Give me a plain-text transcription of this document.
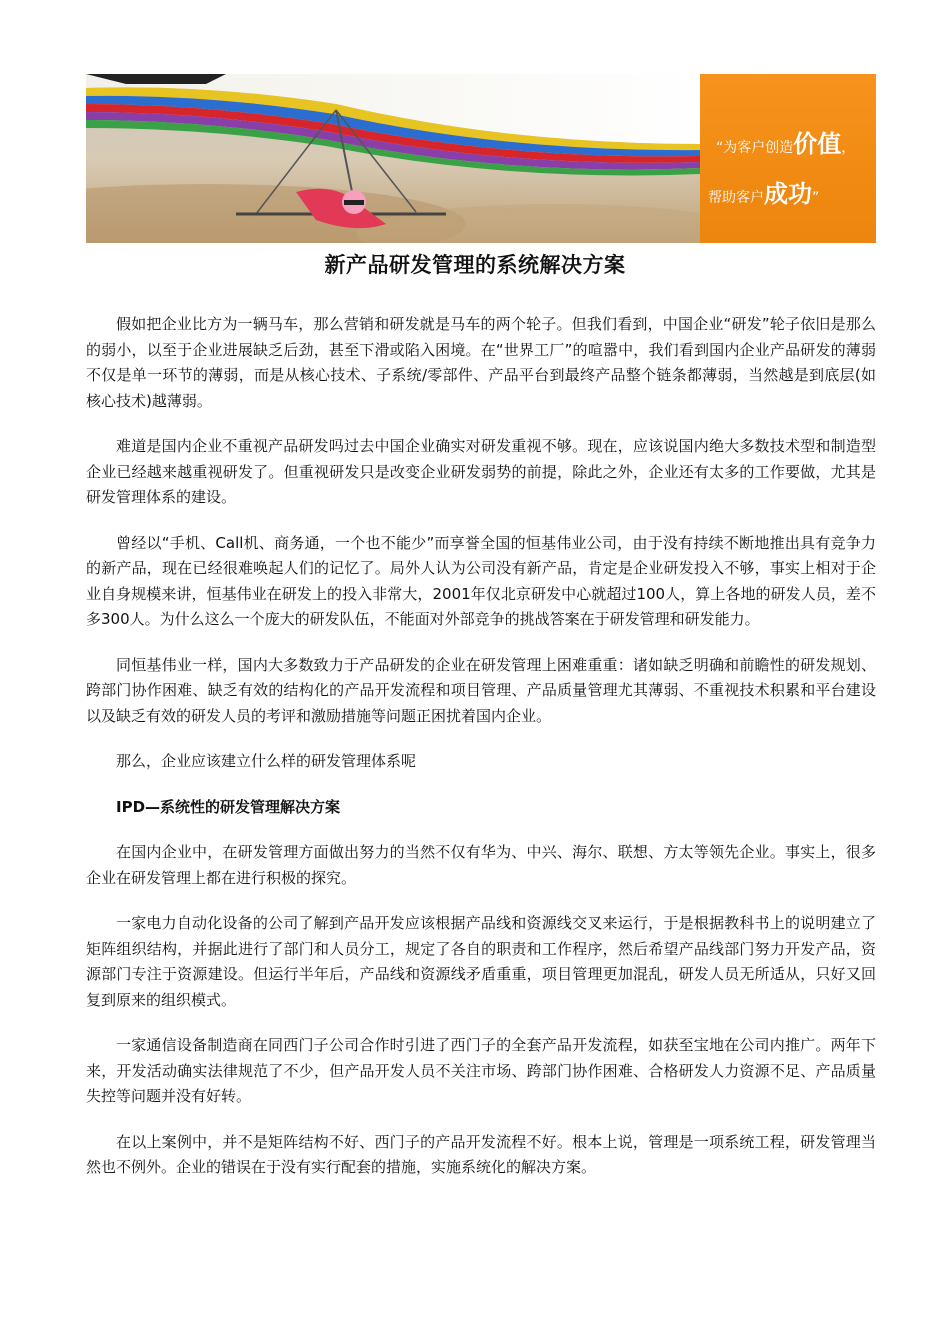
“为客户创造价值，
帮助客户成功”
新产品研发管理的系统解决方案

假如把企业比方为一辆马车，那么营销和研发就是马车的两个轮子。但我们看到，中国企业“研发”轮子依旧是那么的弱小，以至于企业进展缺乏后劲，甚至下滑或陷入困境。在“世界工厂”的喧嚣中，我们看到国内企业产品研发的薄弱不仅是单一环节的薄弱，而是从核心技术、子系统/零部件、产品平台到最终产品整个链条都薄弱，当然越是到底层(如核心技术)越薄弱。

难道是国内企业不重视产品研发吗过去中国企业确实对研发重视不够。现在，应该说国内绝大多数技术型和制造型企业已经越来越重视研发了。但重视研发只是改变企业研发弱势的前提，除此之外，企业还有太多的工作要做，尤其是研发管理体系的建设。

曾经以“手机、Call机、商务通，一个也不能少”而享誉全国的恒基伟业公司，由于没有持续不断地推出具有竞争力的新产品，现在已经很难唤起人们的记忆了。局外人认为公司没有新产品，肯定是企业研发投入不够，事实上相对于企业自身规模来讲，恒基伟业在研发上的投入非常大，2001年仅北京研发中心就超过100人，算上各地的研发人员，差不多300人。为什么这么一个庞大的研发队伍，不能面对外部竞争的挑战答案在于研发管理和研发能力。

同恒基伟业一样，国内大多数致力于产品研发的企业在研发管理上困难重重：诸如缺乏明确和前瞻性的研发规划、跨部门协作困难、缺乏有效的结构化的产品开发流程和项目管理、产品质量管理尤其薄弱、不重视技术积累和平台建设以及缺乏有效的研发人员的考评和激励措施等问题正困扰着国内企业。

那么，企业应该建立什么样的研发管理体系呢

IPD—系统性的研发管理解决方案

在国内企业中，在研发管理方面做出努力的当然不仅有华为、中兴、海尔、联想、方太等领先企业。事实上，很多企业在研发管理上都在进行积极的探究。

一家电力自动化设备的公司了解到产品开发应该根据产品线和资源线交叉来运行，于是根据教科书上的说明建立了矩阵组织结构，并据此进行了部门和人员分工，规定了各自的职责和工作程序，然后希望产品线部门努力开发产品，资源部门专注于资源建设。但运行半年后，产品线和资源线矛盾重重，项目管理更加混乱，研发人员无所适从，只好又回复到原来的组织模式。

一家通信设备制造商在同西门子公司合作时引进了西门子的全套产品开发流程，如获至宝地在公司内推广。两年下来，开发活动确实法律规范了不少，但产品开发人员不关注市场、跨部门协作困难、合格研发人力资源不足、产品质量失控等问题并没有好转。

在以上案例中，并不是矩阵结构不好、西门子的产品开发流程不好。根本上说，管理是一项系统工程，研发管理当然也不例外。企业的错误在于没有实行配套的措施，实施系统化的解决方案。
